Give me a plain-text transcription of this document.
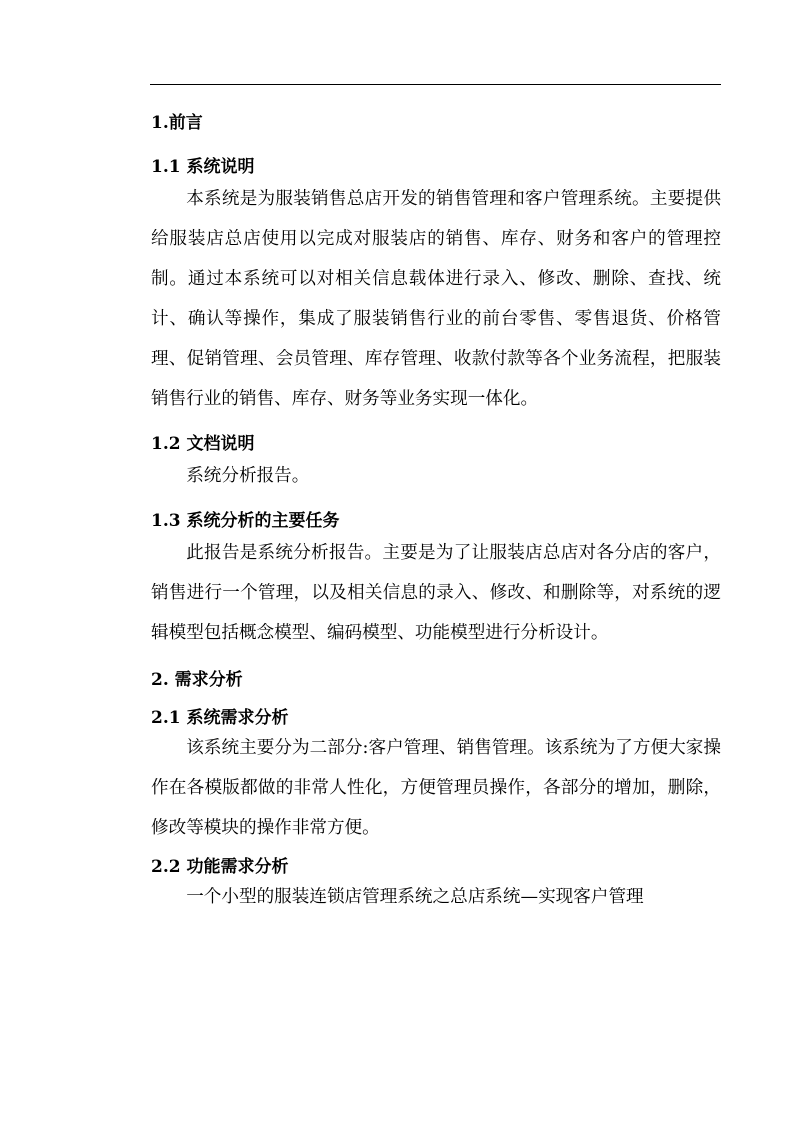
1.前言
1.1 系统说明

本系统是为服装销售总店开发的销售管理和客户管理系统。主要提供给服装店总店使用以完成对服装店的销售、库存、财务和客户的管理控制。通过本系统可以对相关信息载体进行录入、修改、删除、查找、统计、确认等操作，集成了服装销售行业的前台零售、零售退货、价格管理、促销管理、会员管理、库存管理、收款付款等各个业务流程，把服装销售行业的销售、库存、财务等业务实现一体化。

1.2 文档说明

系统分析报告。

1.3 系统分析的主要任务

此报告是系统分析报告。主要是为了让服装店总店对各分店的客户，销售进行一个管理，以及相关信息的录入、修改、和删除等，对系统的逻辑模型包括概念模型、编码模型、功能模型进行分析设计。

2. 需求分析
2.1 系统需求分析

该系统主要分为二部分:客户管理、销售管理。该系统为了方便大家操作在各模版都做的非常人性化，方便管理员操作，各部分的增加，删除，修改等模块的操作非常方便。

2.2 功能需求分析

一个小型的服装连锁店管理系统之总店系统—实现客户管理
